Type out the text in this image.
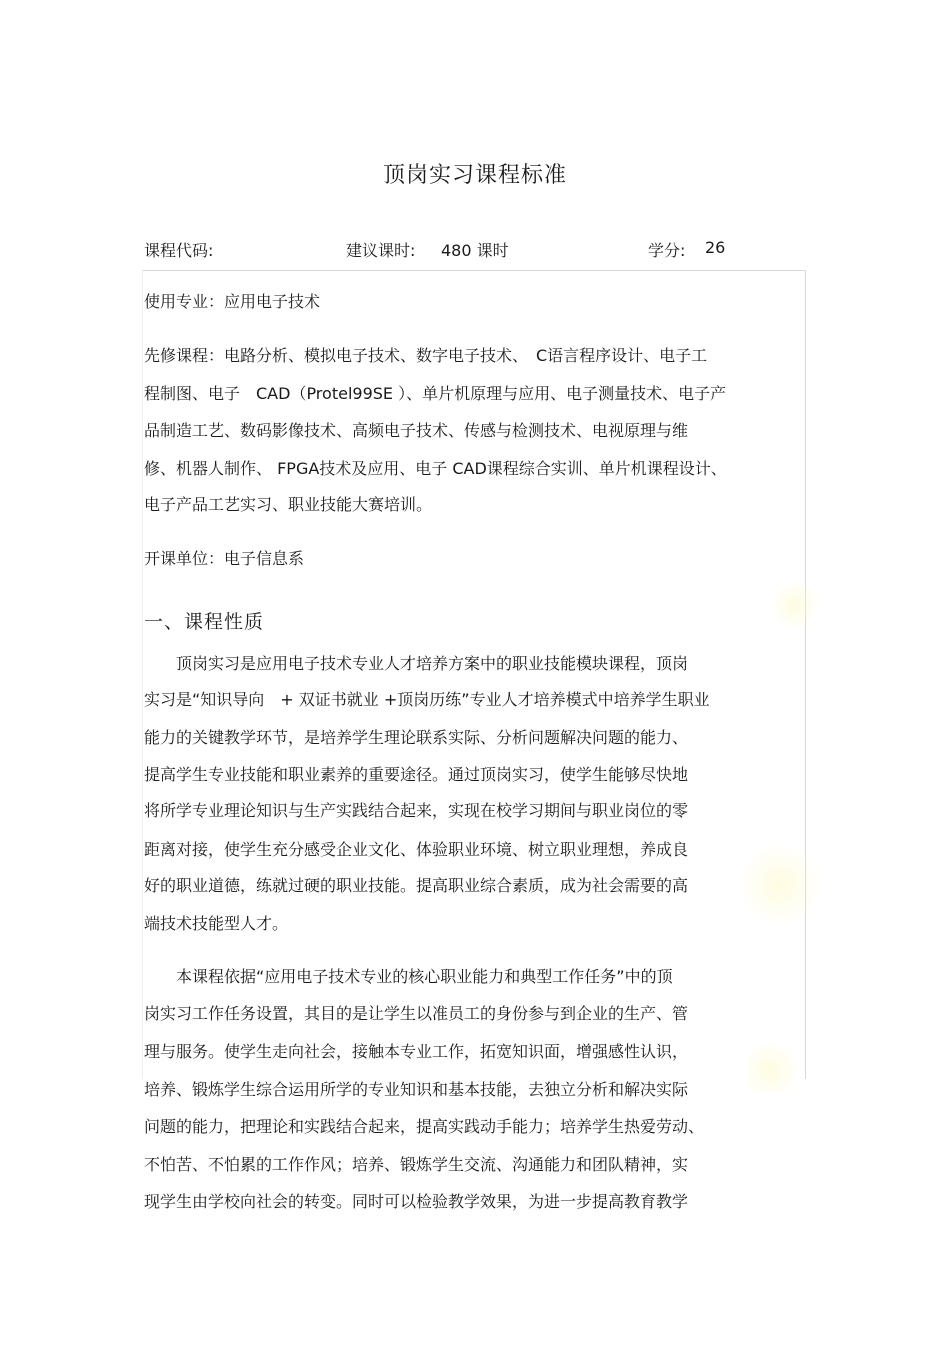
顶岗实习课程标准
课程代码:	建议课时: 480 课时	学分: 26
使用专业：应用电子技术
先修课程：电路分析、模拟电子技术、数字电子技术、　C语言程序设计、电子工
程制图、电子　CAD（Protel99SE ）、单片机原理与应用、电子测量技术、电子产
品制造工艺、数码影像技术、高频电子技术、传感与检测技术、电视原理与维
修、机器人制作、 FPGA技术及应用、电子 CAD课程综合实训、单片机课程设计、
电子产品工艺实习、职业技能大赛培训。
开课单位：电子信息系
一、课程性质
　　顶岗实习是应用电子技术专业人才培养方案中的职业技能模块课程，顶岗
实习是“知识导向　+ 双证书就业 +顶岗历练”专业人才培养模式中培养学生职业
能力的关键教学环节，是培养学生理论联系实际、分析问题解决问题的能力、
提高学生专业技能和职业素养的重要途径。通过顶岗实习，使学生能够尽快地
将所学专业理论知识与生产实践结合起来，实现在校学习期间与职业岗位的零
距离对接，使学生充分感受企业文化、体验职业环境、树立职业理想，养成良
好的职业道德，练就过硬的职业技能。提高职业综合素质，成为社会需要的高
端技术技能型人才。
　　本课程依据“应用电子技术专业的核心职业能力和典型工作任务”中的顶
岗实习工作任务设置，其目的是让学生以准员工的身份参与到企业的生产、管
理与服务。使学生走向社会，接触本专业工作，拓宽知识面，增强感性认识，
培养、锻炼学生综合运用所学的专业知识和基本技能，去独立分析和解决实际
问题的能力，把理论和实践结合起来，提高实践动手能力；培养学生热爱劳动、
不怕苦、不怕累的工作作风；培养、锻炼学生交流、沟通能力和团队精神，实
现学生由学校向社会的转变。同时可以检验教学效果，为进一步提高教育教学
